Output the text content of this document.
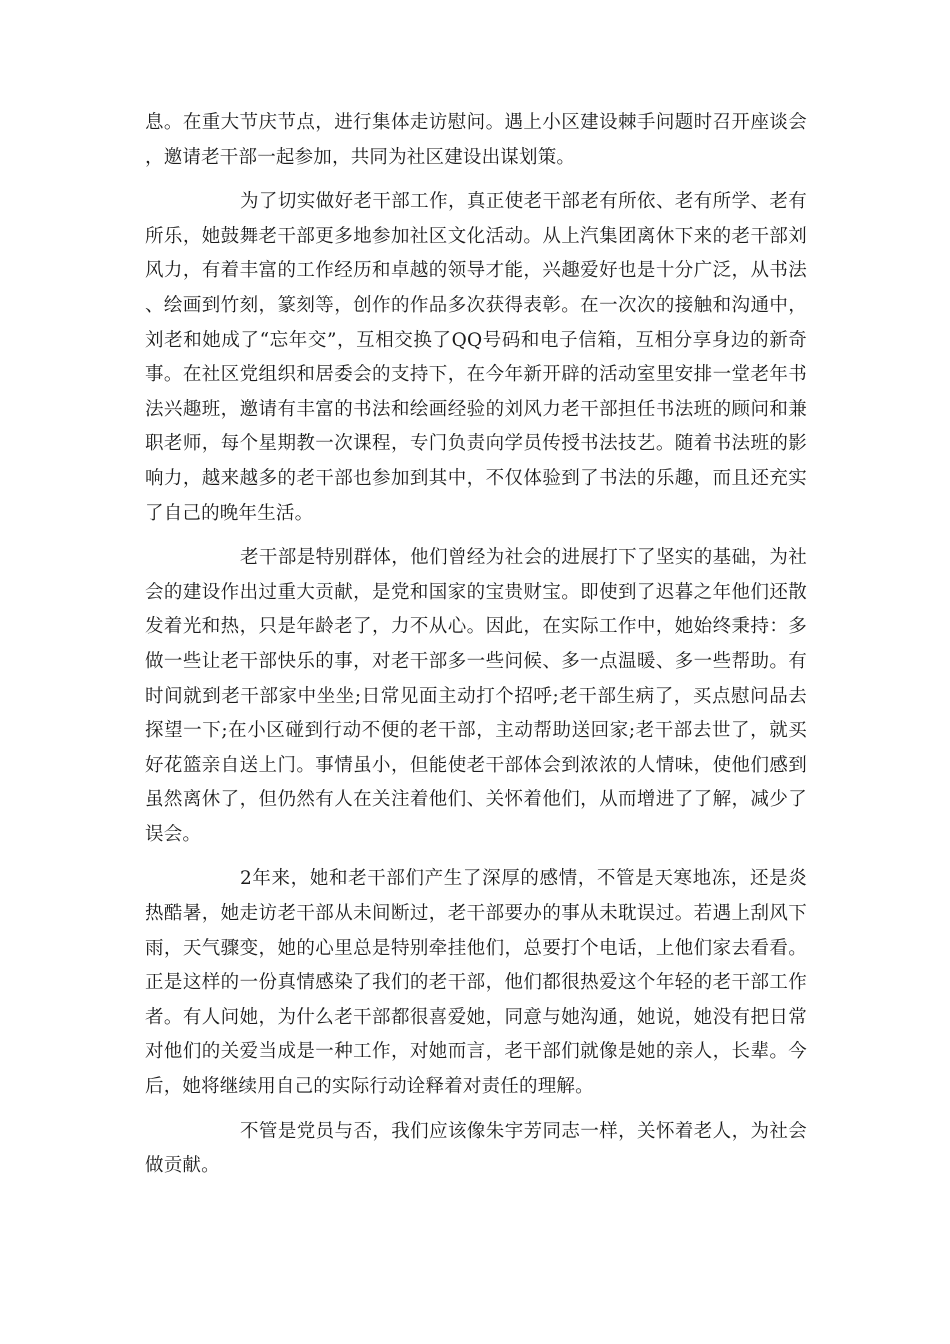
息。在重大节庆节点，进行集体走访慰问。遇上小区建设棘手问题时召开座谈会，邀请老干部一起参加，共同为社区建设出谋划策。

为了切实做好老干部工作，真正使老干部老有所依、老有所学、老有所乐，她鼓舞老干部更多地参加社区文化活动。从上汽集团离休下来的老干部刘风力，有着丰富的工作经历和卓越的领导才能，兴趣爱好也是十分广泛，从书法、绘画到竹刻，篆刻等，创作的作品多次获得表彰。在一次次的接触和沟通中，刘老和她成了“忘年交”，互相交换了QQ号码和电子信箱，互相分享身边的新奇事。在社区党组织和居委会的支持下，在今年新开辟的活动室里安排一堂老年书法兴趣班，邀请有丰富的书法和绘画经验的刘风力老干部担任书法班的顾问和兼职老师，每个星期教一次课程，专门负责向学员传授书法技艺。随着书法班的影响力，越来越多的老干部也参加到其中，不仅体验到了书法的乐趣，而且还充实了自己的晚年生活。

老干部是特别群体，他们曾经为社会的进展打下了坚实的基础，为社会的建设作出过重大贡献，是党和国家的宝贵财宝。即使到了迟暮之年他们还散发着光和热，只是年龄老了，力不从心。因此，在实际工作中，她始终秉持：多做一些让老干部快乐的事，对老干部多一些问候、多一点温暖、多一些帮助。有时间就到老干部家中坐坐;日常见面主动打个招呼;老干部生病了，买点慰问品去探望一下;在小区碰到行动不便的老干部，主动帮助送回家;老干部去世了，就买好花篮亲自送上门。事情虽小，但能使老干部体会到浓浓的人情味，使他们感到虽然离休了，但仍然有人在关注着他们、关怀着他们，从而增进了了解，减少了误会。

2年来，她和老干部们产生了深厚的感情，不管是天寒地冻，还是炎热酷暑，她走访老干部从未间断过，老干部要办的事从未耽误过。若遇上刮风下雨，天气骤变，她的心里总是特别牵挂他们，总要打个电话，上他们家去看看。正是这样的一份真情感染了我们的老干部，他们都很热爱这个年轻的老干部工作者。有人问她，为什么老干部都很喜爱她，同意与她沟通，她说，她没有把日常对他们的关爱当成是一种工作，对她而言，老干部们就像是她的亲人，长辈。今后，她将继续用自己的实际行动诠释着对责任的理解。

不管是党员与否，我们应该像朱宇芳同志一样，关怀着老人，为社会做贡献。
